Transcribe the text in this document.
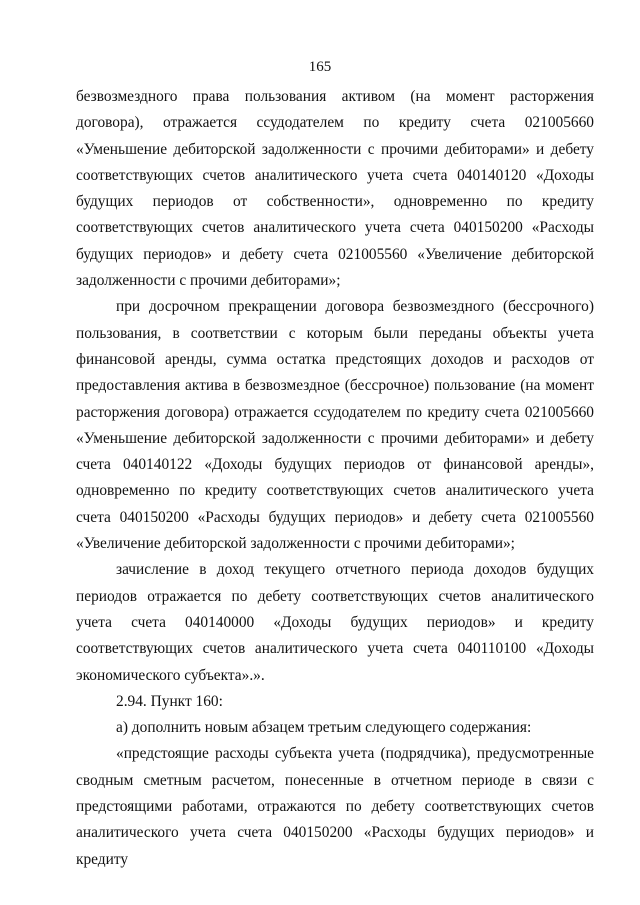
165

безвозмездного права пользования активом (на момент расторжения договора), отражается ссудодателем по кредиту счета 021005660 «Уменьшение дебиторской задолженности с прочими дебиторами» и дебету соответствующих счетов аналитического учета счета 040140120 «Доходы будущих периодов от собственности», одновременно по кредиту соответствующих счетов аналитического учета счета 040150200 «Расходы будущих периодов» и дебету счета 021005560 «Увеличение дебиторской задолженности с прочими дебиторами»;

при досрочном прекращении договора безвозмездного (бессрочного) пользования, в соответствии с которым были переданы объекты учета финансовой аренды, сумма остатка предстоящих доходов и расходов от предоставления актива в безвозмездное (бессрочное) пользование (на момент расторжения договора) отражается ссудодателем по кредиту счета 021005660 «Уменьшение дебиторской задолженности с прочими дебиторами» и дебету счета 040140122 «Доходы будущих периодов от финансовой аренды», одновременно по кредиту соответствующих счетов аналитического учета счета 040150200 «Расходы будущих периодов» и дебету счета 021005560 «Увеличение дебиторской задолженности с прочими дебиторами»;

зачисление в доход текущего отчетного периода доходов будущих периодов отражается по дебету соответствующих счетов аналитического учета счета 040140000 «Доходы будущих периодов» и кредиту соответствующих счетов аналитического учета счета 040110100 «Доходы экономического субъекта».».

2.94. Пункт 160:

а) дополнить новым абзацем третьим следующего содержания:

«предстоящие расходы субъекта учета (подрядчика), предусмотренные сводным сметным расчетом, понесенные в отчетном периоде в связи с предстоящими работами, отражаются по дебету соответствующих счетов аналитического учета счета 040150200 «Расходы будущих периодов» и кредиту
